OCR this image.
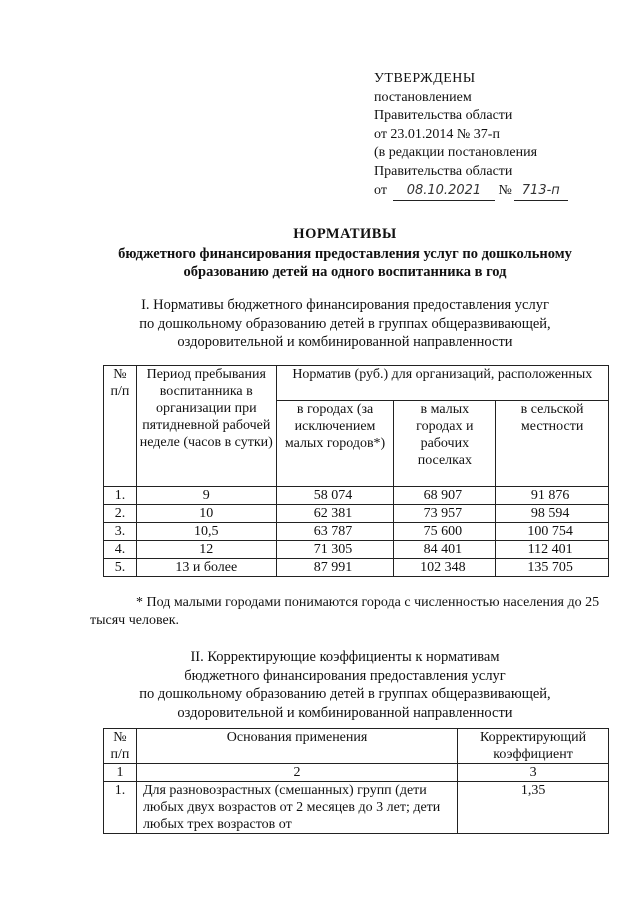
УТВЕРЖДЕНЫ
постановлением
Правительства области
от 23.01.2014 № 37-п
(в редакции постановления
Правительства области
от 08.10.2021 № 713-п
НОРМАТИВЫ
бюджетного финансирования предоставления услуг по дошкольному
образованию детей на одного воспитанника в год
I. Нормативы бюджетного финансирования предоставления услуг
по дошкольному образованию детей в группах общеразвивающей,
оздоровительной и комбинированной направленности
№ п/п	Период пребывания воспитанника в организации при пятидневной рабочей неделе (часов в сутки)	Норматив (руб.) для организаций, расположенных		
		в городах (за исключением малых городов*)	в малых городах и рабочих поселках	в сельской местности
1.	9	58 074	68 907	91 876
2.	10	62 381	73 957	98 594
3.	10,5	63 787	75 600	100 754
4.	12	71 305	84 401	112 401
5.	13 и более	87 991	102 348	135 705
* Под малыми городами понимаются города с численностью населения до 25 тысяч человек.
II. Корректирующие коэффициенты к нормативам
бюджетного финансирования предоставления услуг
по дошкольному образованию детей в группах общеразвивающей,
оздоровительной и комбинированной направленности
№ п/п	Основания применения	Корректирующий коэффициент
1	2	3
1.	Для разновозрастных (смешанных) групп (дети любых двух возрастов от 2 месяцев до 3 лет; дети любых трех возрастов от	1,35
